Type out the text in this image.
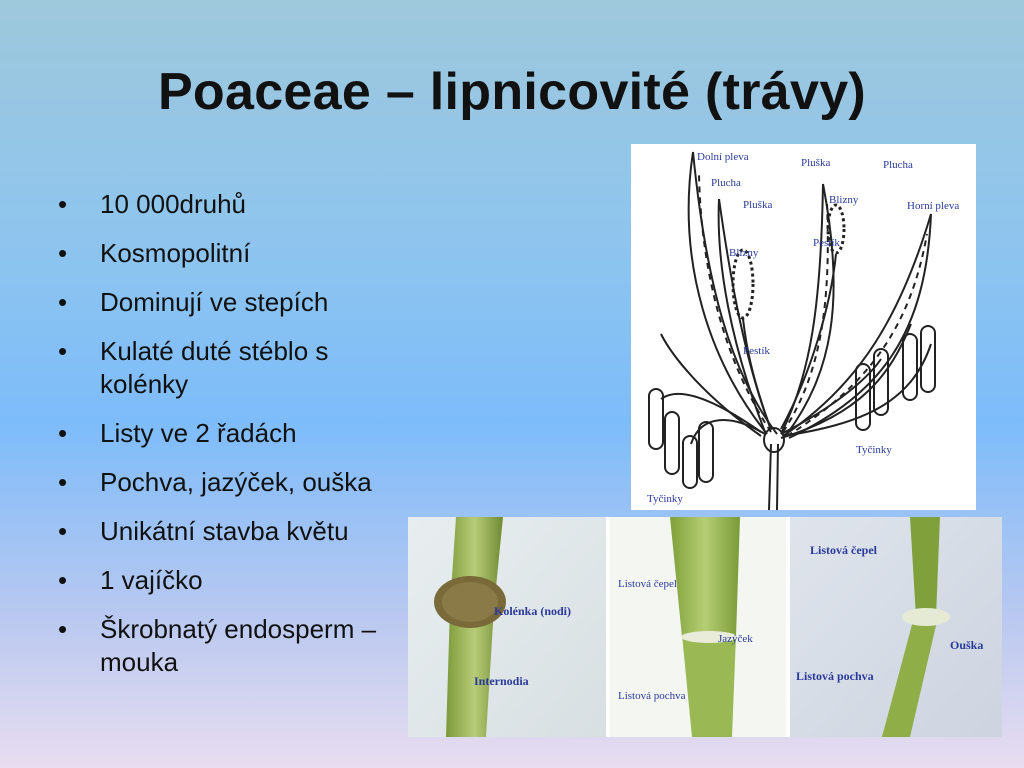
Poaceae – lipnicovité (trávy)
• 10 000druhů
• Kosmopolitní
• Dominují ve stepích
• Kulaté duté stéblo s kolénky
• Listy ve 2 řadách
• Pochva, jazýček, ouška
• Unikátní stavba květu
• 1 vajíčko
• Škrobnatý endosperm – mouka
Dolní pleva	Pluška	Plucha
Plucha
Pluška	Blizny	Horní pleva
Pestík
Blizny
Pestík
Tyčinky
Tyčinky
Kolénka (nodi)
Internodia
Listová čepel
Jazýček
Listová pochva
Listová čepel
Ouška
Listová pochva
